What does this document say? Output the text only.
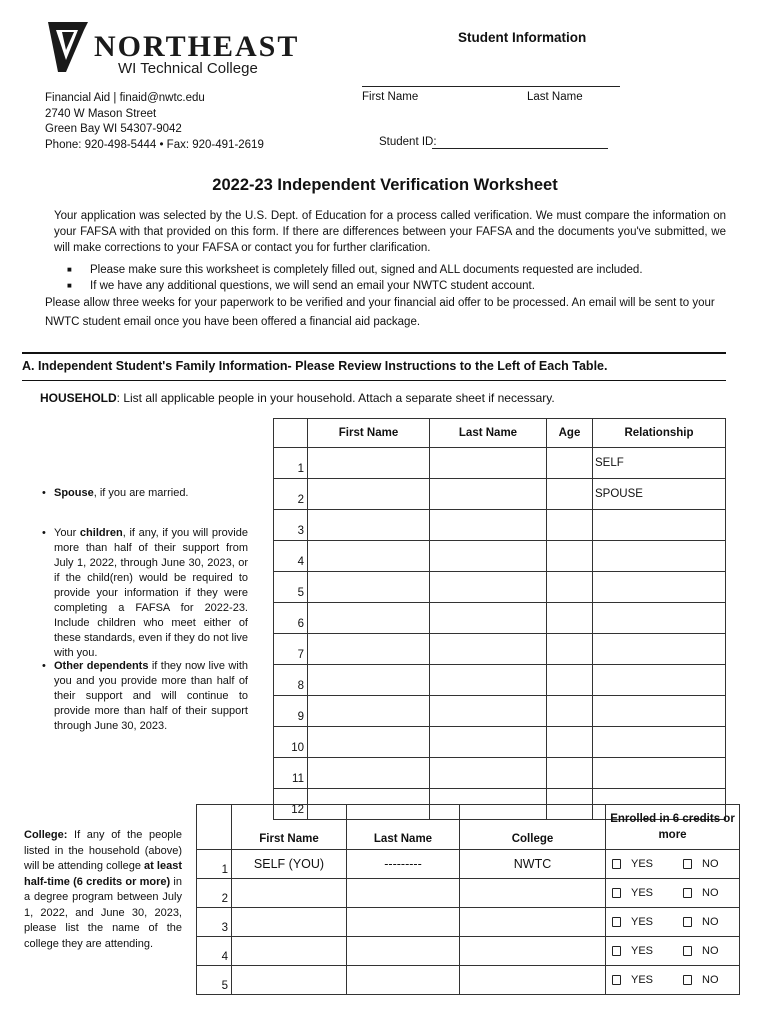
NORTHEAST
WI Technical College
Financial Aid | finaid@nwtc.edu
2740 W Mason Street
Green Bay WI 54307-9042
Phone: 920-498-5444 • Fax: 920-491-2619
Student Information
First Name	Last Name
Student ID:
2022-23 Independent Verification Worksheet
Your application was selected by the U.S. Dept. of Education for a process called verification. We must compare the information on your FAFSA with that provided on this form. If there are differences between your FAFSA and the documents you've submitted, we will make corrections to your FAFSA or contact you for further clarification.
■ Please make sure this worksheet is completely filled out, signed and ALL documents requested are included.
■ If we have any additional questions, we will send an email your NWTC student account.
Please allow three weeks for your paperwork to be verified and your financial aid offer to be processed. An email will be sent to your NWTC student email once you have been offered a financial aid package.
A. Independent Student's Family Information- Please Review Instructions to the Left of Each Table.
HOUSEHOLD: List all applicable people in your household. Attach a separate sheet if necessary.
	First Name	Last Name	Age	Relationship
1				SELF
2				SPOUSE
3				
4				
5				
6				
7				
8				
9				
10				
11				
12				
• Spouse, if you are married.
• Your children, if any, if you will provide more than half of their support from July 1, 2022, through June 30, 2023, or if the child(ren) would be required to provide your information if they were completing a FAFSA for 2022-23. Include children who meet either of these standards, even if they do not live with you.
• Other dependents if they now live with you and you provide more than half of their support and will continue to provide more than half of their support through June 30, 2023.
College: If any of the people listed in the household (above) will be attending college at least half-time (6 credits or more) in a degree program between July 1, 2022, and June 30, 2023, please list the name of the college they are attending.
	First Name	Last Name	College	Enrolled in 6 credits or more
1	SELF (YOU)	---------	NWTC	YES NO
2				YES NO
3				YES NO
4				YES NO
5				YES NO
